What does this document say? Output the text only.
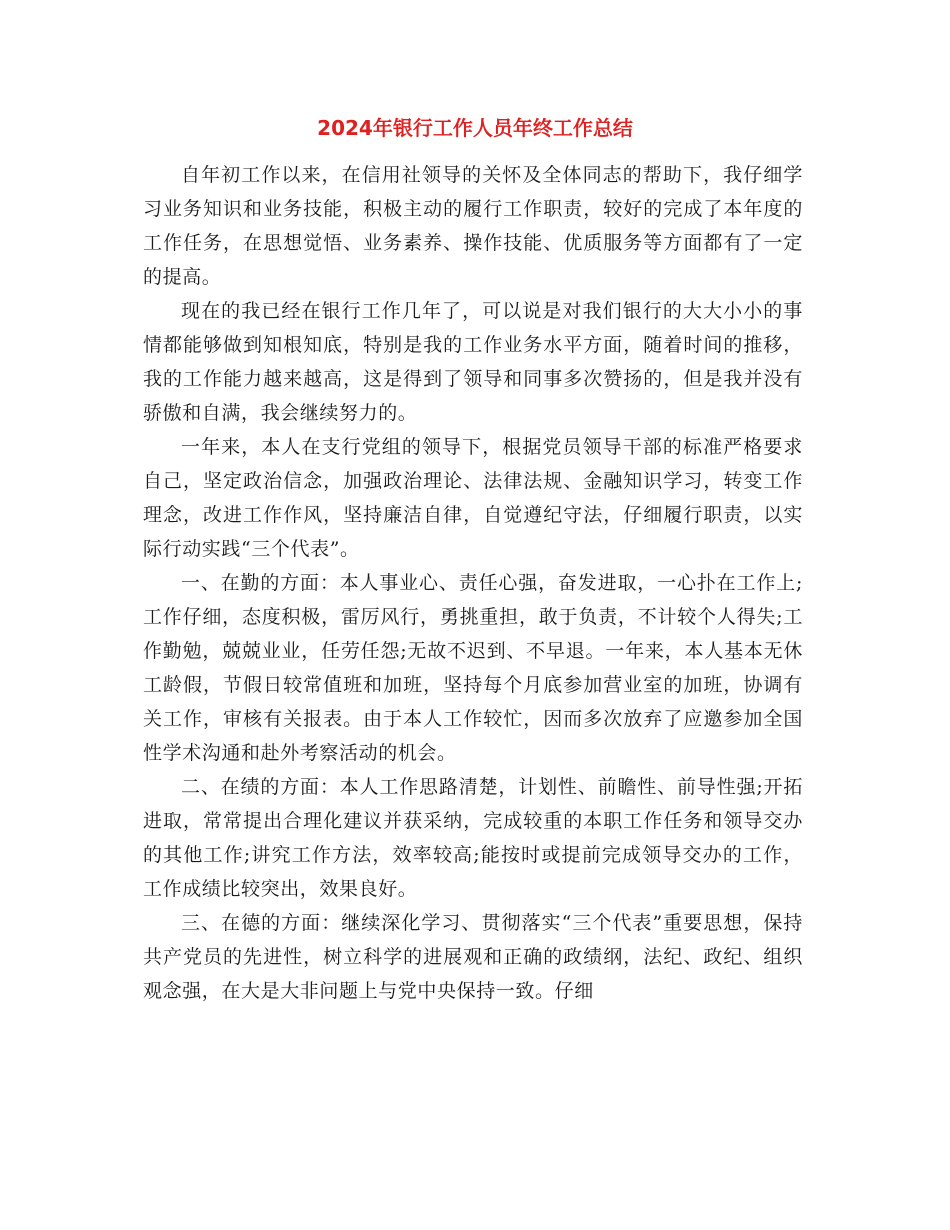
2024年银行工作人员年终工作总结

自年初工作以来，在信用社领导的关怀及全体同志的帮助下，我仔细学习业务知识和业务技能，积极主动的履行工作职责，较好的完成了本年度的工作任务，在思想觉悟、业务素养、操作技能、优质服务等方面都有了一定的提高。

现在的我已经在银行工作几年了，可以说是对我们银行的大大小小的事情都能够做到知根知底，特别是我的工作业务水平方面，随着时间的推移，我的工作能力越来越高，这是得到了领导和同事多次赞扬的，但是我并没有骄傲和自满，我会继续努力的。

一年来，本人在支行党组的领导下，根据党员领导干部的标准严格要求自己，坚定政治信念，加强政治理论、法律法规、金融知识学习，转变工作理念，改进工作作风，坚持廉洁自律，自觉遵纪守法，仔细履行职责，以实际行动实践“三个代表”。

一、在勤的方面：本人事业心、责任心强，奋发进取，一心扑在工作上;工作仔细，态度积极，雷厉风行，勇挑重担，敢于负责，不计较个人得失;工作勤勉，兢兢业业，任劳任怨;无故不迟到、不早退。一年来，本人基本无休工龄假，节假日较常值班和加班，坚持每个月底参加营业室的加班，协调有关工作，审核有关报表。由于本人工作较忙，因而多次放弃了应邀参加全国性学术沟通和赴外考察活动的机会。

二、在绩的方面：本人工作思路清楚，计划性、前瞻性、前导性强;开拓进取，常常提出合理化建议并获采纳，完成较重的本职工作任务和领导交办的其他工作;讲究工作方法，效率较高;能按时或提前完成领导交办的工作，工作成绩比较突出，效果良好。

三、在德的方面：继续深化学习、贯彻落实“三个代表”重要思想，保持共产党员的先进性，树立科学的进展观和正确的政绩纲，法纪、政纪、组织观念强，在大是大非问题上与党中央保持一致。仔细
